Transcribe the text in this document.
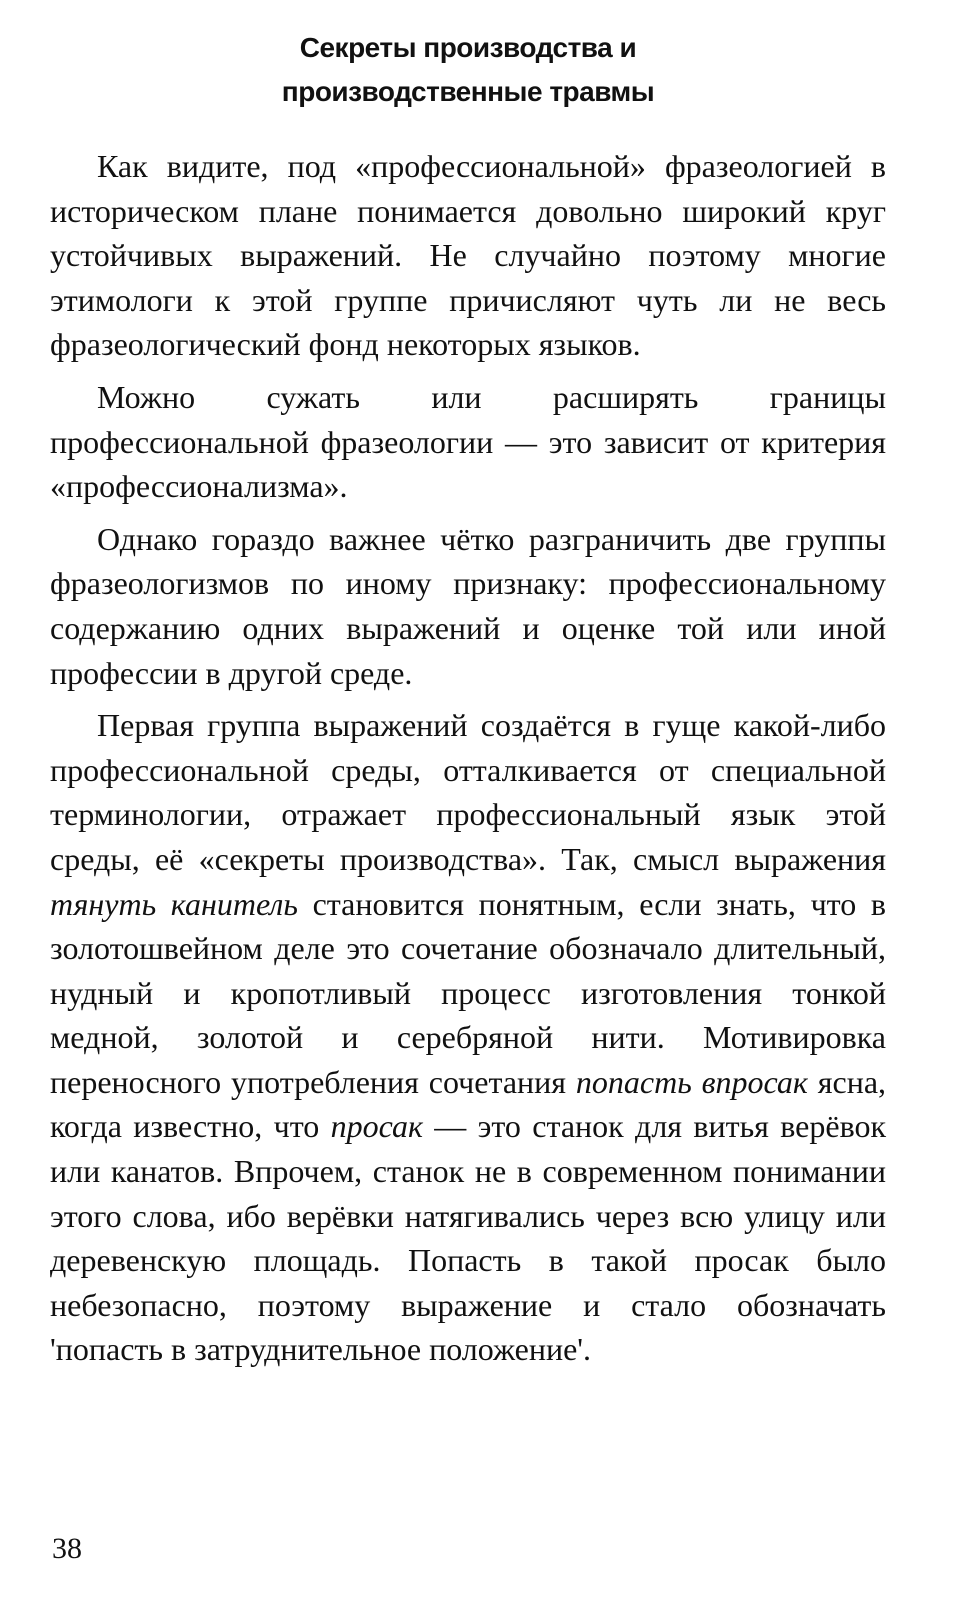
Секреты производства и
производственные травмы

Как видите, под «профессиональной» фразеологией в историческом плане понимается довольно широкий круг устойчивых выражений. Не случайно поэтому многие этимологи к этой группе причисляют чуть ли не весь фразеологический фонд некоторых языков.

Можно сужать или расширять границы профессиональной фразеологии — это зависит от критерия «профессионализма».

Однако гораздо важнее чётко разграничить две группы фразеологизмов по иному признаку: профессиональному содержанию одних выражений и оценке той или иной профессии в другой среде.

Первая группа выражений создаётся в гуще какой-либо профессиональной среды, отталкивается от специальной терминологии, отражает профессиональный язык этой среды, её «секреты производства». Так, смысл выражения тянуть канитель становится понятным, если знать, что в золотошвейном деле это сочетание обозначало длительный, нудный и кропотливый процесс изготовления тонкой медной, золотой и серебряной нити. Мотивировка переносного употребления сочетания попасть впросак ясна, когда известно, что просак — это станок для витья верёвок или канатов. Впрочем, станок не в современном понимании этого слова, ибо верёвки натягивались через всю улицу или деревенскую площадь. Попасть в такой просак было небезопасно, поэтому выражение и стало обозначать 'попасть в затруднительное положение'.

38
